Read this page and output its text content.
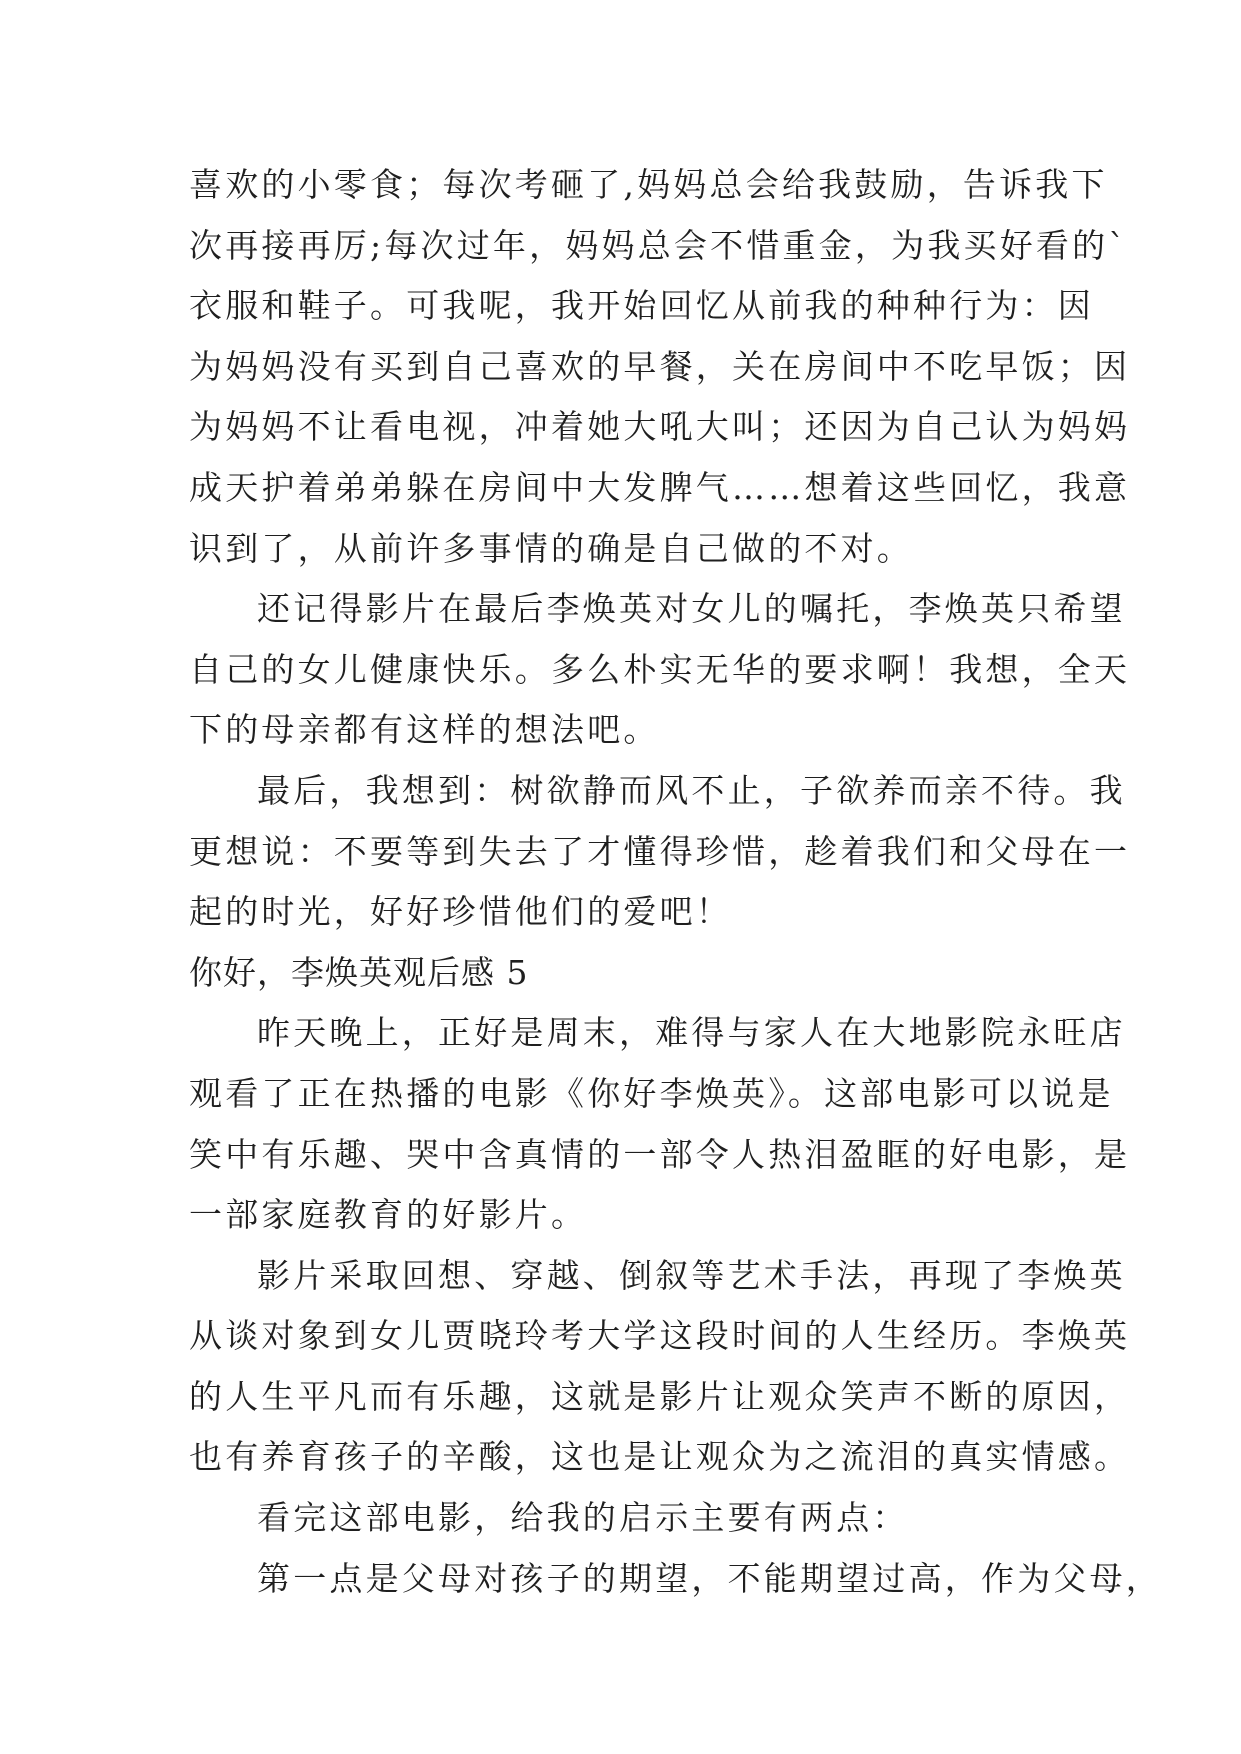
喜欢的小零食；每次考砸了,妈妈总会给我鼓励，告诉我下
次再接再厉;每次过年，妈妈总会不惜重金，为我买好看的`
衣服和鞋子。可我呢，我开始回忆从前我的种种行为：因
为妈妈没有买到自己喜欢的早餐，关在房间中不吃早饭；因
为妈妈不让看电视，冲着她大吼大叫；还因为自己认为妈妈
成天护着弟弟躲在房间中大发脾气……想着这些回忆，我意
识到了，从前许多事情的确是自己做的不对。
还记得影片在最后李焕英对女儿的嘱托，李焕英只希望
自己的女儿健康快乐。多么朴实无华的要求啊！我想，全天
下的母亲都有这样的想法吧。
最后，我想到：树欲静而风不止，子欲养而亲不待。我
更想说：不要等到失去了才懂得珍惜，趁着我们和父母在一
起的时光，好好珍惜他们的爱吧！
你好，李焕英观后感 5
昨天晚上，正好是周末，难得与家人在大地影院永旺店
观看了正在热播的电影《你好李焕英》。这部电影可以说是
笑中有乐趣、哭中含真情的一部令人热泪盈眶的好电影，是
一部家庭教育的好影片。
影片采取回想、穿越、倒叙等艺术手法，再现了李焕英
从谈对象到女儿贾晓玲考大学这段时间的人生经历。李焕英
的人生平凡而有乐趣，这就是影片让观众笑声不断的原因，
也有养育孩子的辛酸，这也是让观众为之流泪的真实情感。
看完这部电影，给我的启示主要有两点：
第一点是父母对孩子的期望，不能期望过高，作为父母，
